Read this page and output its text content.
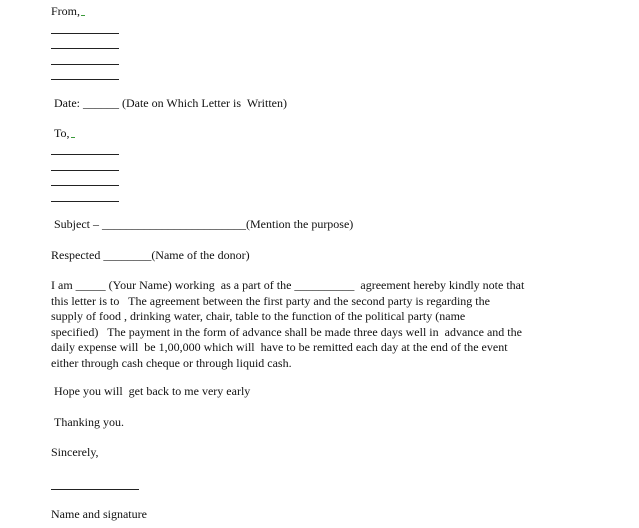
From,
Date: ______ (Date on Which Letter is  Written)
To,
Subject – ________________________(Mention the purpose)
Respected ________(Name of the donor)
I am _____ (Your Name) working  as a part of the __________  agreement hereby kindly note that
this letter is to   The agreement between the first party and the second party is regarding the
supply of food , drinking water, chair, table to the function of the political party (name
specified)   The payment in the form of advance shall be made three days well in  advance and the
daily expense will  be 1,00,000 which will  have to be remitted each day at the end of the event
either through cash cheque or through liquid cash.
Hope you will  get back to me very early
Thanking you.
Sincerely,
Name and signature
